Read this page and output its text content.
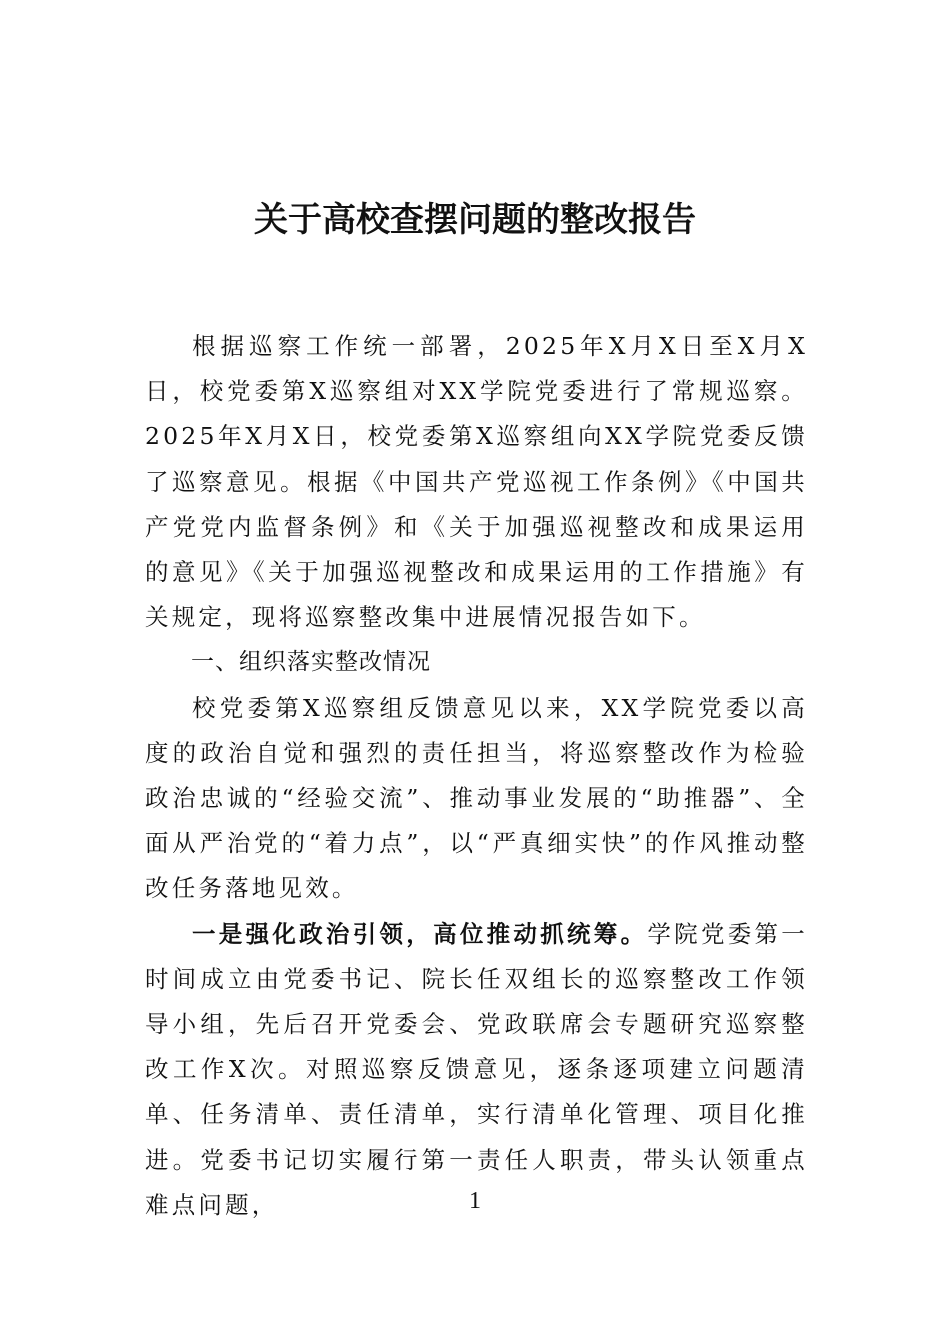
关于高校查摆问题的整改报告

根据巡察工作统一部署，2025年X月X日至X月X日，校党委第X巡察组对XX学院党委进行了常规巡察。2025年X月X日，校党委第X巡察组向XX学院党委反馈了巡察意见。根据《中国共产党巡视工作条例》《中国共产党党内监督条例》和《关于加强巡视整改和成果运用的意见》《关于加强巡视整改和成果运用的工作措施》有关规定，现将巡察整改集中进展情况报告如下。

一、组织落实整改情况

校党委第X巡察组反馈意见以来，XX学院党委以高度的政治自觉和强烈的责任担当，将巡察整改作为检验政治忠诚的“经验交流”、推动事业发展的“助推器”、全面从严治党的“着力点”，以“严真细实快”的作风推动整改任务落地见效。

一是强化政治引领，高位推动抓统筹。学院党委第一时间成立由党委书记、院长任双组长的巡察整改工作领导小组，先后召开党委会、党政联席会专题研究巡察整改工作X次。对照巡察反馈意见，逐条逐项建立问题清单、任务清单、责任清单，实行清单化管理、项目化推进。党委书记切实履行第一责任人职责，带头认领重点难点问题，	1
